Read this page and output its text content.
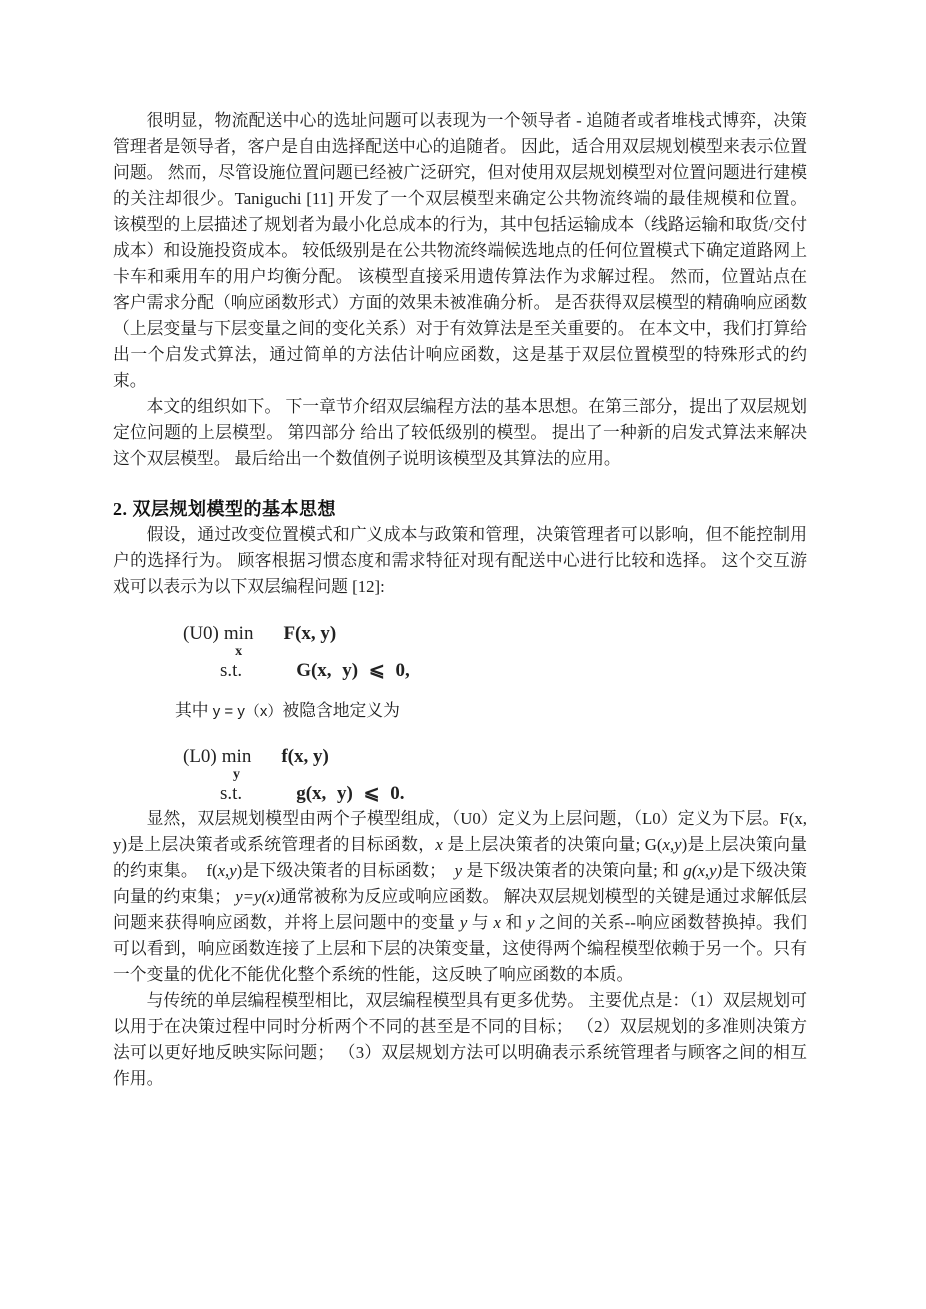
很明显，物流配送中心的选址问题可以表现为一个领导者 - 追随者或者堆栈式博弈，决策管理者是领导者，客户是自由选择配送中心的追随者。 因此，适合用双层规划模型来表示位置问题。 然而，尽管设施位置问题已经被广泛研究，但对使用双层规划模型对位置问题进行建模的关注却很少。Taniguchi [11] 开发了一个双层模型来确定公共物流终端的最佳规模和位置。 该模型的上层描述了规划者为最小化总成本的行为，其中包括运输成本（线路运输和取货/交付成本）和设施投资成本。 较低级别是在公共物流终端候选地点的任何位置模式下确定道路网上卡车和乘用车的用户均衡分配。 该模型直接采用遗传算法作为求解过程。 然而，位置站点在客户需求分配（响应函数形式）方面的效果未被准确分析。 是否获得双层模型的精确响应函数（上层变量与下层变量之间的变化关系）对于有效算法是至关重要的。 在本文中，我们打算给出一个启发式算法，通过简单的方法估计响应函数，这是基于双层位置模型的特殊形式的约束。

本文的组织如下。 下一章节介绍双层编程方法的基本思想。在第三部分，提出了双层规划定位问题的上层模型。 第四部分 给出了较低级别的模型。 提出了一种新的启发式算法来解决这个双层模型。 最后给出一个数值例子说明该模型及其算法的应用。

2. 双层规划模型的基本思想

假设，通过改变位置模式和广义成本与政策和管理，决策管理者可以影响，但不能控制用户的选择行为。 顾客根据习惯态度和需求特征对现有配送中心进行比较和选择。 这个交互游戏可以表示为以下双层编程问题 [12]:

(U0) min
x
F(x, y)
s.t.	G(x, y) ⩽ 0,
其中 y = y（x）被隐含地定义为
(L0) min
y
f(x, y)
s.t.	g(x, y) ⩽ 0.

显然，双层规划模型由两个子模型组成，（U0）定义为上层问题，（L0）定义为下层。F(x,y)是上层决策者或系统管理者的目标函数，x 是上层决策者的决策向量; G(x,y)是上层决策向量的约束集。　f(x,y)是下级决策者的目标函数；　y 是下级决策者的决策向量; 和 g(x,y)是下级决策向量的约束集； y=y(x)通常被称为反应或响应函数。 解决双层规划模型的关键是通过求解低层问题来获得响应函数，并将上层问题中的变量 y 与 x 和 y 之间的关系--响应函数替换掉。我们可以看到，响应函数连接了上层和下层的决策变量，这使得两个编程模型依赖于另一个。只有一个变量的优化不能优化整个系统的性能，这反映了响应函数的本质。

与传统的单层编程模型相比，双层编程模型具有更多优势。 主要优点是：（1）双层规划可以用于在决策过程中同时分析两个不同的甚至是不同的目标； （2）双层规划的多准则决策方法可以更好地反映实际问题； （3）双层规划方法可以明确表示系统管理者与顾客之间的相互作用。
